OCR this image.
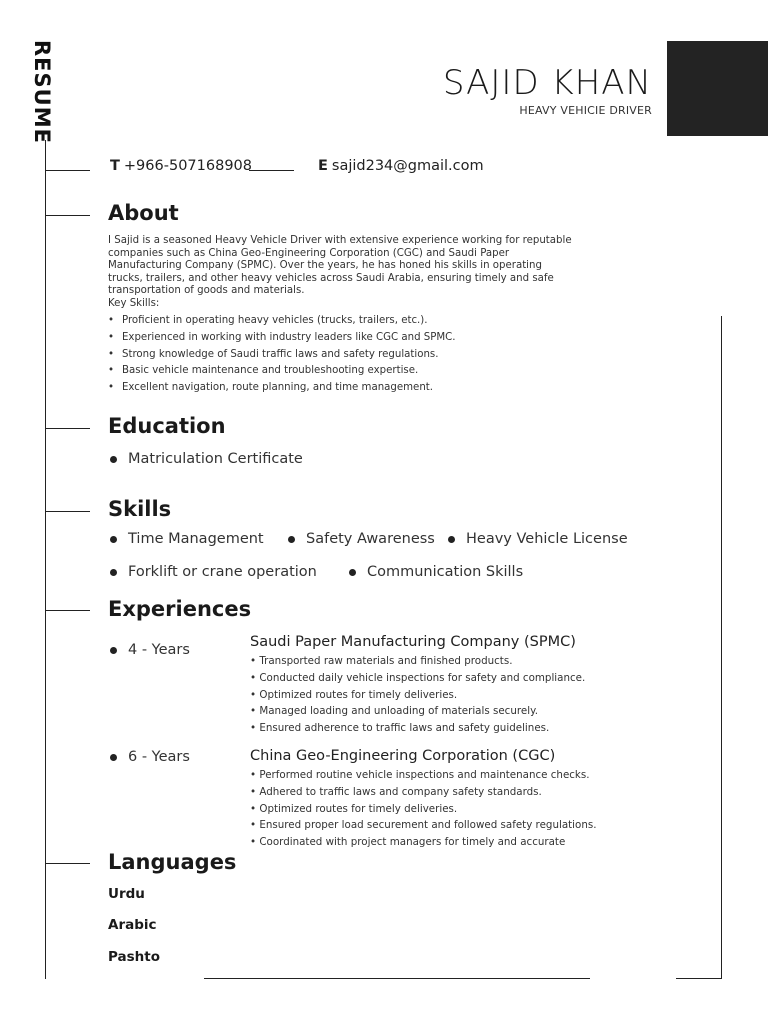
RESUME	SAJID KHAN
HEAVY VEHICIE DRIVER
T +966-507168908	E sajid234@gmail.com
About

I Sajid is a seasoned Heavy Vehicle Driver with extensive experience working for reputable companies such as China Geo-Engineering Corporation (CGC) and Saudi Paper Manufacturing Company (SPMC). Over the years, he has honed his skills in operating trucks, trailers, and other heavy vehicles across Saudi Arabia, ensuring timely and safe transportation of goods and materials.

Key Skills:

• Proficient in operating heavy vehicles (trucks, trailers, etc.).
• Experienced in working with industry leaders like CGC and SPMC.
• Strong knowledge of Saudi traffic laws and safety regulations.
• Basic vehicle maintenance and troubleshooting expertise.
• Excellent navigation, route planning, and time management.
Education
Matriculation Certificate
Skills
Time Management	Safety Awareness	Heavy Vehicle License
Forklift or crane operation	Communication Skills
Experiences
4 - Years	Saudi Paper Manufacturing Company (SPMC)
• Transported raw materials and finished products.
• Conducted daily vehicle inspections for safety and compliance.
• Optimized routes for timely deliveries.
• Managed loading and unloading of materials securely.
• Ensured adherence to traffic laws and safety guidelines.
6 - Years	China Geo-Engineering Corporation (CGC)
• Performed routine vehicle inspections and maintenance checks.
• Adhered to traffic laws and company safety standards.
• Optimized routes for timely deliveries.
• Ensured proper load securement and followed safety regulations.
• Coordinated with project managers for timely and accurate
Languages
Urdu
Arabic
Pashto
